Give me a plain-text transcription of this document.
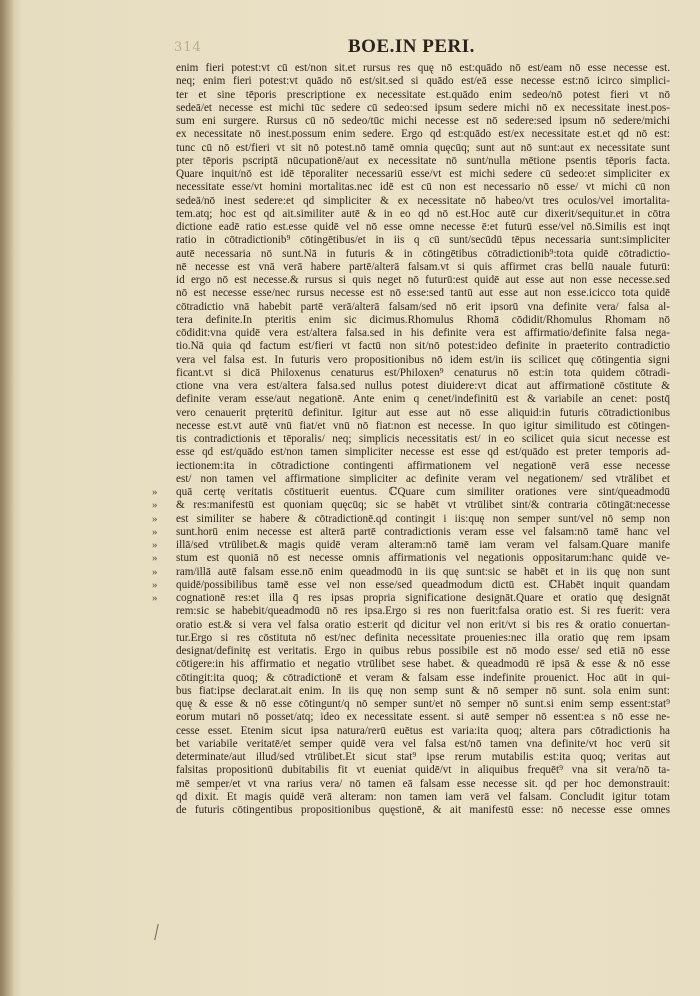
314	BOE.IN PERI.
enim fieri potest:vt cū est/non sit.et rursus res quę nō est:quādo nō est/eam nō esse necesse est.
neq; enim fieri potest:vt quādo nō est/sit.sed si quādo est/eā esse necesse est:nō icirco simplici-
ter et sine tēporis prescriptione ex necessitate est.quādo enim sedeo/nō potest fieri vt nō
sedeā/et necesse est michi tūc sedere cū sedeo:sed ipsum sedere michi nō ex necessitate inest.pos-
sum eni surgere. Rursus cū nō sedeo/tūc michi necesse est nō sedere:sed ipsum nō sedere/michi
ex necessitate nō inest.possum enim sedere. Ergo qd est:quādo est/ex necessitate est.et qd nō est:
tunc cū nō est/fieri vt sit nō potest.nō tamē omnia quęcūq; sunt aut nō sunt:aut ex necessitate sunt
pter tēporis pscriptā nūcupationē/aut ex necessitate nō sunt/nulla mētione psentis tēporis facta.
Quare inquit/nō est idē tēporaliter necessariū esse/vt est michi sedere cū sedeo:et simpliciter ex
necessitate esse/vt homini mortalitas.nec idē est cū non est necessario nō esse/ vt michi cū non
sedeā/nō inest sedere:et qd simpliciter & ex necessitate nō habeo/vt tres oculos/vel imortalita-
tem.atq; hoc est qd ait.similiter autē & in eo qd nō est.Hoc autē cur dixerit/sequitur.et in cōtra
dictione eadē ratio est.esse quidē vel nō esse omne necesse ē:et futurū esse/vel nō.Similis est inqt
ratio in cōtradictionib⁹ cōtingētibus/et in iis q cū sunt/secūdū tēpus necessaria sunt:simpliciter
autē necessaria nō sunt.Nā in futuris & in cōtingētibus cōtradictionib⁹:tota quidē cōtradictio-
nē necesse est vnā verā habere partē/alterā falsam.vt si quis affirmet cras bellū nauale futurū:
id ergo nō est necesse.& rursus si quis neget nō futurū:est quidē aut esse aut non esse necesse.sed
nō est necesse esse/nec rursus necesse est nō esse:sed tantū aut esse aut non esse.icicco tota quidē
cōtradictio vnā habebit partē verā/alterā falsam/sed nō erit ipsorū vna definite vera/ falsa al-
tera definite.In pteritis enim sic dicimus.Rhomulus Rhomā cōdidit/Rhomulus Rhomam nō
cōdidit:vna quidē vera est/altera falsa.sed in his definite vera est affirmatio/definite falsa nega-
tio.Nā quia qd factum est/fieri vt factū non sit/nō potest:ideo definite in praeterito contradictio
vera vel falsa est. In futuris vero propositionibus nō idem est/in iis scilicet quę cōtingentia signi
ficant.vt si dicā Philoxenus cenaturus est/Philoxen⁹ cenaturus nō est:in tota quidem cōtradi-
ctione vna vera est/altera falsa.sed nullus potest diuidere:vt dicat aut affirmationē cōstitute &
definite veram esse/aut negationē. Ante enim q cenet/indefinitū est & variabile an cenet: postq̄
vero cenauerit pręteritū definitur. Igitur aut esse aut nō esse aliquid:in futuris cōtradictionibus
necesse est.vt autē vnū fiat/et vnū nō fiat:non est necesse. In quo igitur similitudo est cōtingen-
tis contradictionis et tēporalis/ neq; simplicis necessitatis est/ in eo scilicet quia sicut necesse est
esse qd est/quādo est/non tamen simpliciter necesse est esse qd est/quādo est preter temporis ad-
iectionem:ita in cōtradictione contingenti affirmationem vel negationē verā esse necesse
est/ non tamen vel affirmatione simpliciter ac definite veram vel negationem/ sed vtrālibet et
quā certę veritatis cōstituerit euentus. ℂQuare cum similiter orationes vere sint/queadmodū
& res:manifestū est quoniam quęcūq; sic se habēt vt vtrūlibet sint/& contraria cōtingāt:necesse
est similiter se habere & cōtradictionē.qd contingit i iis:quę non semper sunt/vel nō semp non
sunt.horū enim necesse est alterā partē contradictionis veram esse vel falsam:nō tamē hanc vel
illā/sed vtrūlibet.& magis quidē veram alteram:nō tamē iam veram vel falsam.Quare manife
stum est quoniā nō est necesse omnis affirmationis vel negationis oppositarum:hanc quidē ve-
ram/illā autē falsam esse.nō enim queadmodū in iis quę sunt:sic se habēt et in iis quę non sunt
quidē/possibilibus tamē esse vel non esse/sed queadmodum dictū est. ℂHabēt inquit quandam
cognationē res:et illa q̄ res ipsas propria significatione designāt.Quare et oratio quę designāt
rem:sic se habebit/queadmodū nō res ipsa.Ergo si res non fuerit:falsa oratio est. Si res fuerit: vera
oratio est.& si vera vel falsa oratio est:erit qd dicitur vel non erit/vt si bis res & oratio conuertan-
tur.Ergo si res cōstituta nō est/nec definita necessitate prouenies:nec illa oratio quę rem ipsam
designat/definitę est veritatis. Ergo in quibus rebus possibile est nō modo esse/ sed etiā nō esse
cōtigere:in his affirmatio et negatio vtrūlibet sese habet. & queadmodū rē ipsā & esse & nō esse
cōtingit:ita quoq; & cōtradictionē et veram & falsam esse indefinite prouenict. Hoc aūt in qui-
bus fiat:ipse declarat.ait enim. In iis quę non semp sunt & nō semper nō sunt. sola enim sunt:
quę & esse & nō esse cōtingunt/q nō semper sunt/et nō semper nō sunt.si enim semp essent:stat⁹
eorum mutari nō posset/atq; ideo ex necessitate essent. si autē semper nō essent:ea s nō esse ne-
cesse esset. Etenim sicut ipsa natura/rerū euētus est varia:ita quoq; altera pars cōtradictionis ha
bet variabile veritatē/et semper quidē vera vel falsa est/nō tamen vna definite/vt hoc verū sit
determinate/aut illud/sed vtrūlibet.Et sicut stat⁹ ipse rerum mutabilis est:ita quoq; veritas aut
falsitas propositionū dubitabilis fit vt eueniat quidē/vt in aliquibus frequēt⁹ vna sit vera/nō ta-
mē semper/et vt vna rarius vera/ nō tamen eā falsam esse necesse sit. qd per hoc demonstrauit:
qd dixit. Et magis quidē verā alteram: non tamen iam verā vel falsam. Concludit igitur totam
de futuris cōtingentibus propositionibus quęstionē, & ait manifestū esse: nō necesse esse omnes
»
»
»
»
»
»
»
»
»
